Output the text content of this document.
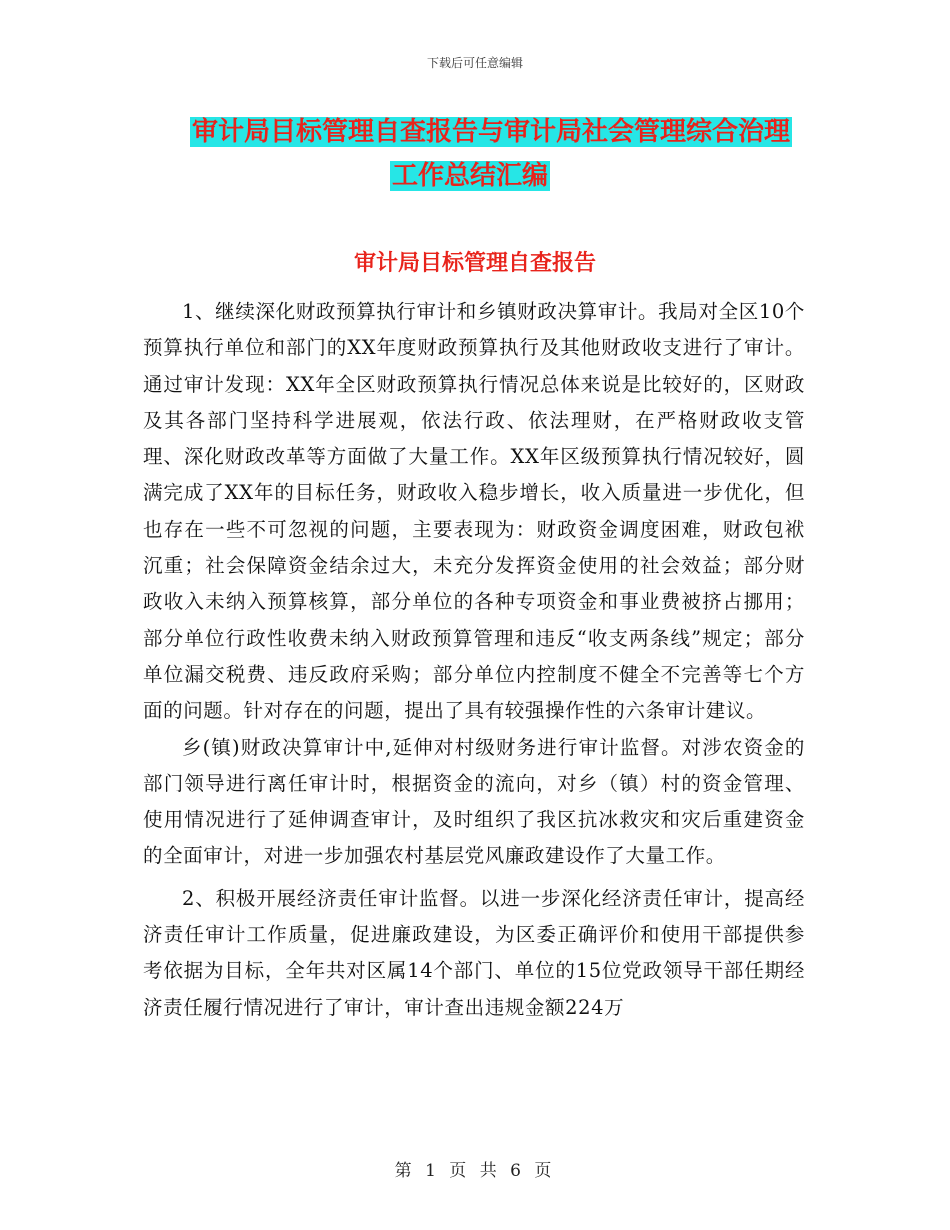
下载后可任意编辑
审计局目标管理自查报告与审计局社会管理综合治理
工作总结汇编
审计局目标管理自查报告

1、继续深化财政预算执行审计和乡镇财政决算审计。我局对全区10个预算执行单位和部门的XX年度财政预算执行及其他财政收支进行了审计。通过审计发现：XX年全区财政预算执行情况总体来说是比较好的，区财政及其各部门坚持科学进展观，依法行政、依法理财，在严格财政收支管理、深化财政改革等方面做了大量工作。XX年区级预算执行情况较好，圆满完成了XX年的目标任务，财政收入稳步增长，收入质量进一步优化，但也存在一些不可忽视的问题，主要表现为：财政资金调度困难，财政包袱沉重；社会保障资金结余过大，未充分发挥资金使用的社会效益；部分财政收入未纳入预算核算，部分单位的各种专项资金和事业费被挤占挪用；部分单位行政性收费未纳入财政预算管理和违反“收支两条线”规定；部分单位漏交税费、违反政府采购；部分单位内控制度不健全不完善等七个方面的问题。针对存在的问题，提出了具有较强操作性的六条审计建议。

乡(镇)财政决算审计中,延伸对村级财务进行审计监督。对涉农资金的部门领导进行离任审计时，根据资金的流向，对乡（镇）村的资金管理、使用情况进行了延伸调查审计，及时组织了我区抗冰救灾和灾后重建资金的全面审计，对进一步加强农村基层党风廉政建设作了大量工作。

2、积极开展经济责任审计监督。以进一步深化经济责任审计，提高经济责任审计工作质量，促进廉政建设，为区委正确评价和使用干部提供参考依据为目标，全年共对区属14个部门、单位的15位党政领导干部任期经济责任履行情况进行了审计，审计查出违规金额224万

第 1 页 共 6 页
